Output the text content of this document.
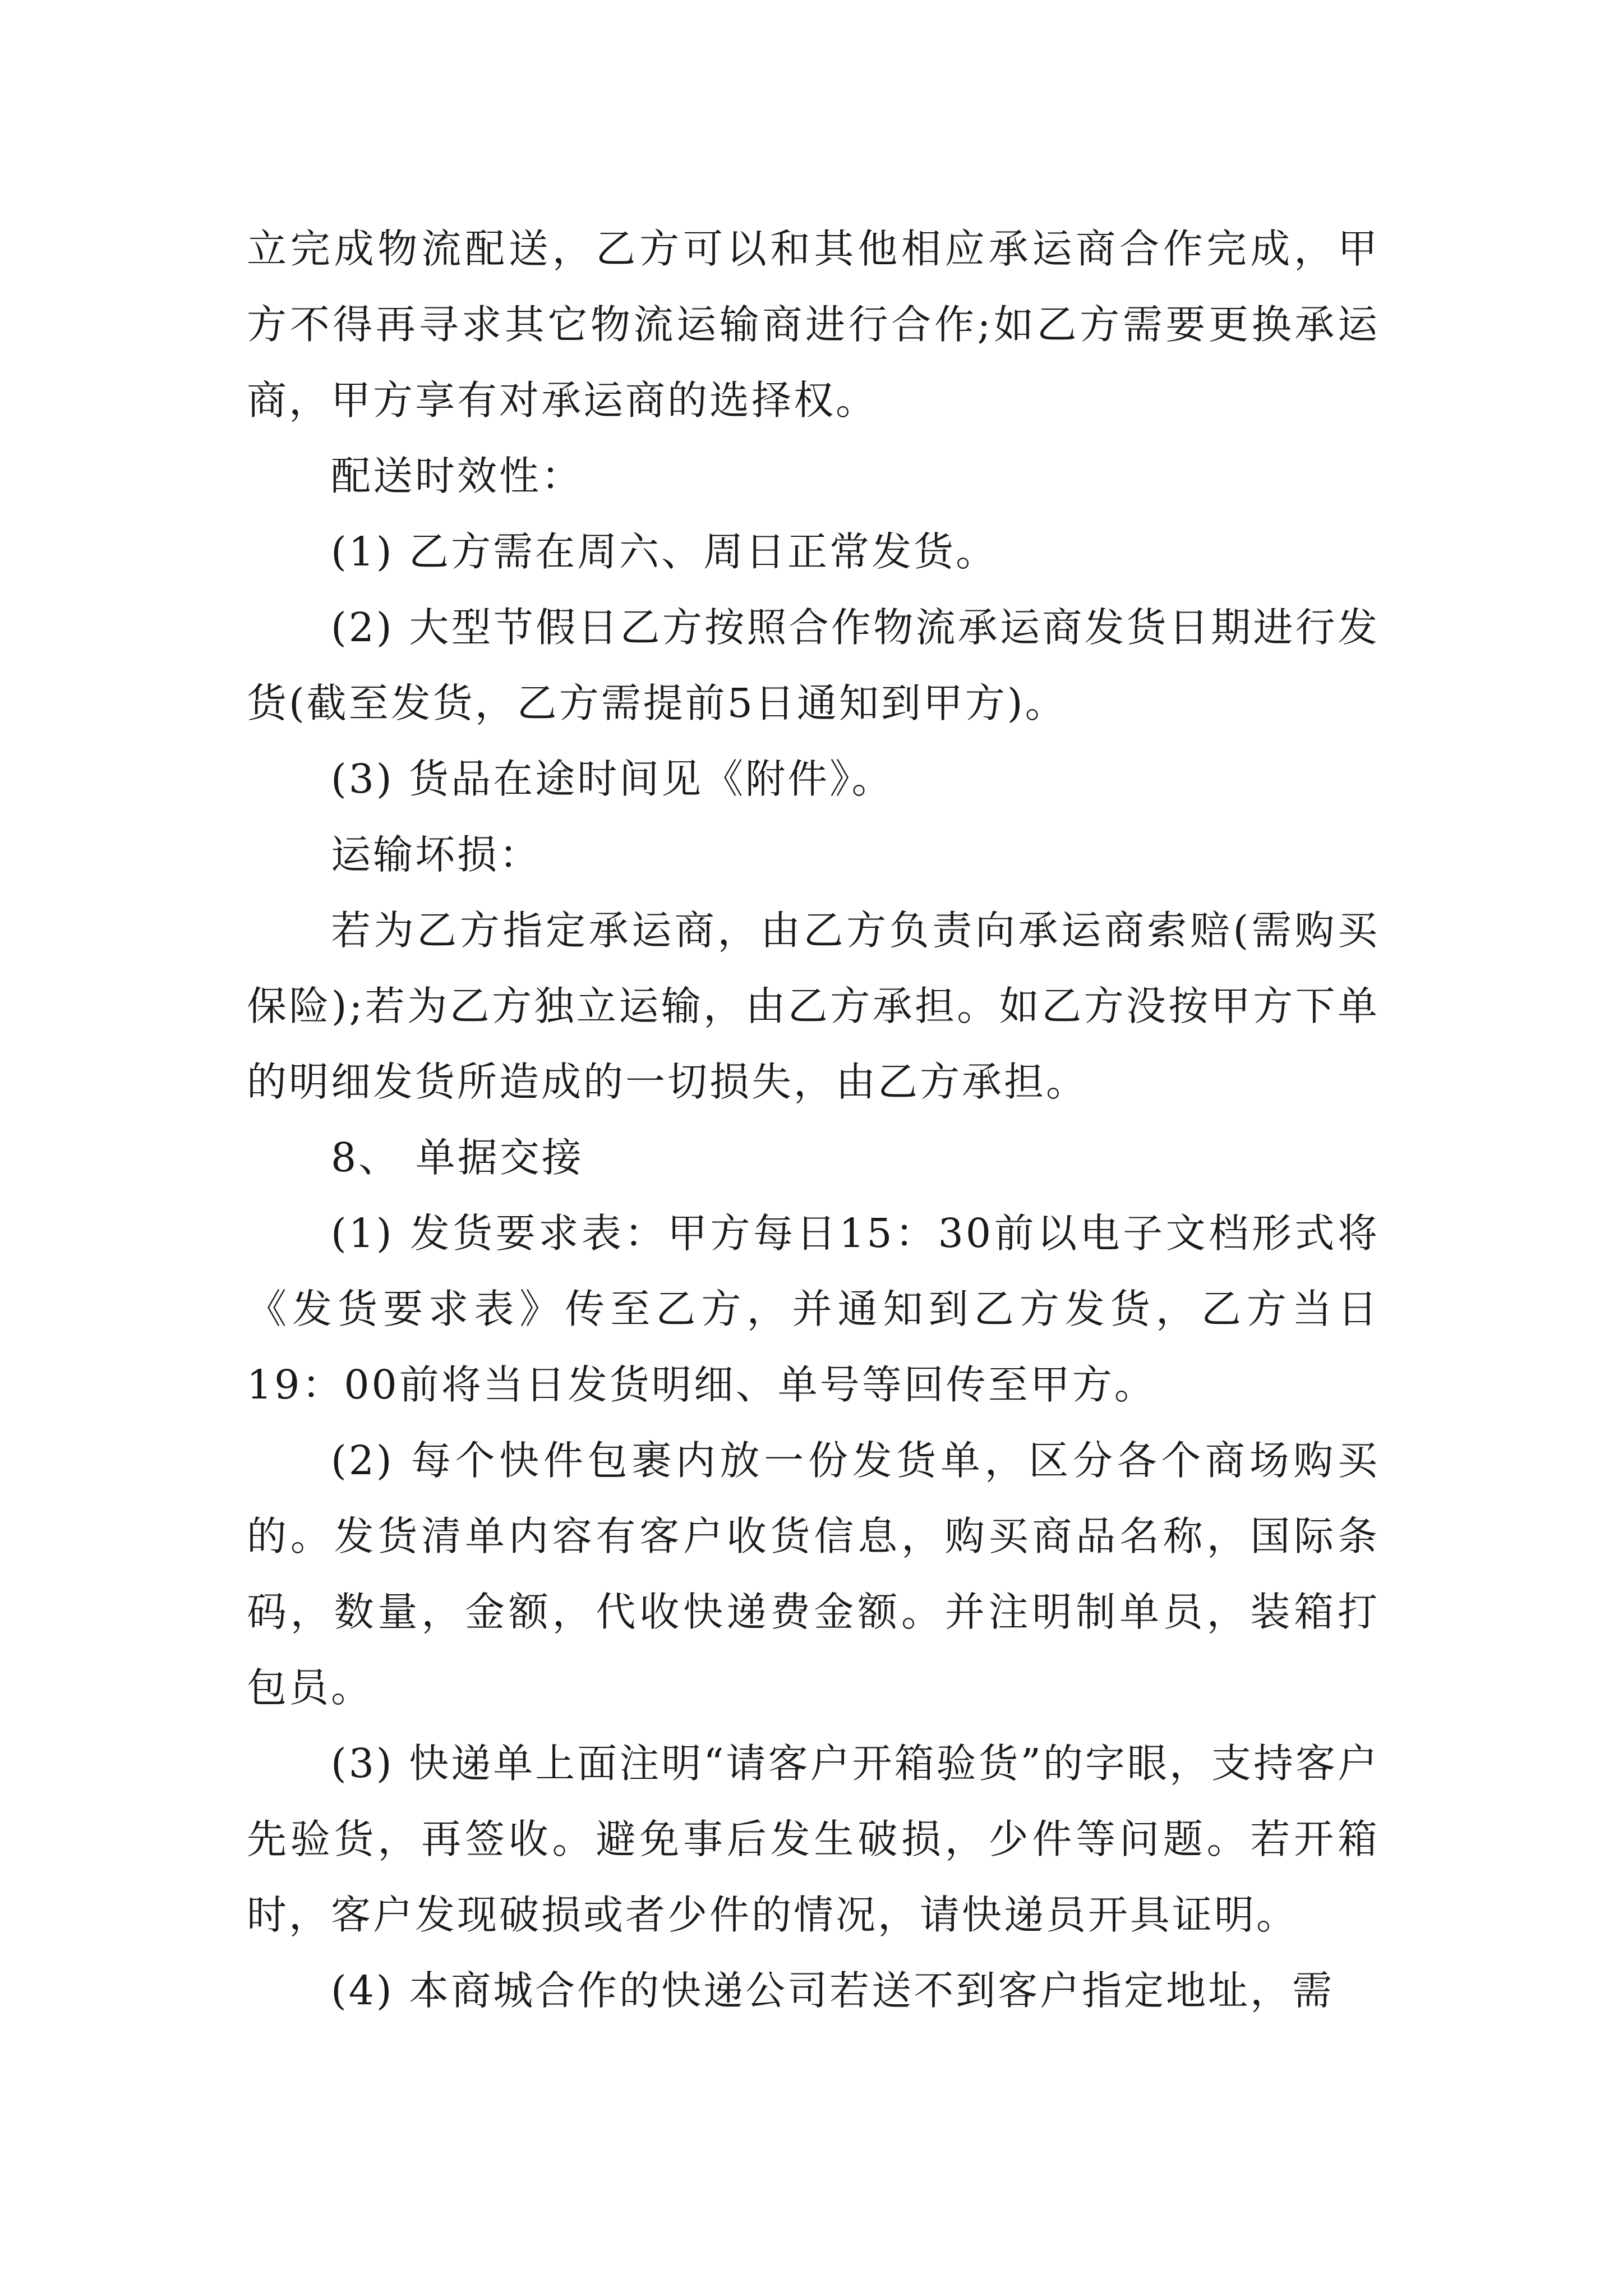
立完成物流配送，乙方可以和其他相应承运商合作完成，甲方不得再寻求其它物流运输商进行合作;如乙方需要更换承运商，甲方享有对承运商的选择权。

配送时效性：

(1) 乙方需在周六、周日正常发货。

(2) 大型节假日乙方按照合作物流承运商发货日期进行发货(截至发货，乙方需提前5日通知到甲方)。

(3) 货品在途时间见《附件》。

运输坏损：

若为乙方指定承运商，由乙方负责向承运商索赔(需购买保险);若为乙方独立运输，由乙方承担。如乙方没按甲方下单的明细发货所造成的一切损失，由乙方承担。

8、 单据交接

(1) 发货要求表：甲方每日15：30前以电子文档形式将《发货要求表》传至乙方，并通知到乙方发货，乙方当日19：00前将当日发货明细、单号等回传至甲方。

(2) 每个快件包裹内放一份发货单，区分各个商场购买的。发货清单内容有客户收货信息，购买商品名称，国际条码，数量，金额，代收快递费金额。并注明制单员，装箱打包员。

(3) 快递单上面注明“请客户开箱验货”的字眼，支持客户先验货，再签收。避免事后发生破损，少件等问题。若开箱时，客户发现破损或者少件的情况，请快递员开具证明。

(4) 本商城合作的快递公司若送不到客户指定地址，需
